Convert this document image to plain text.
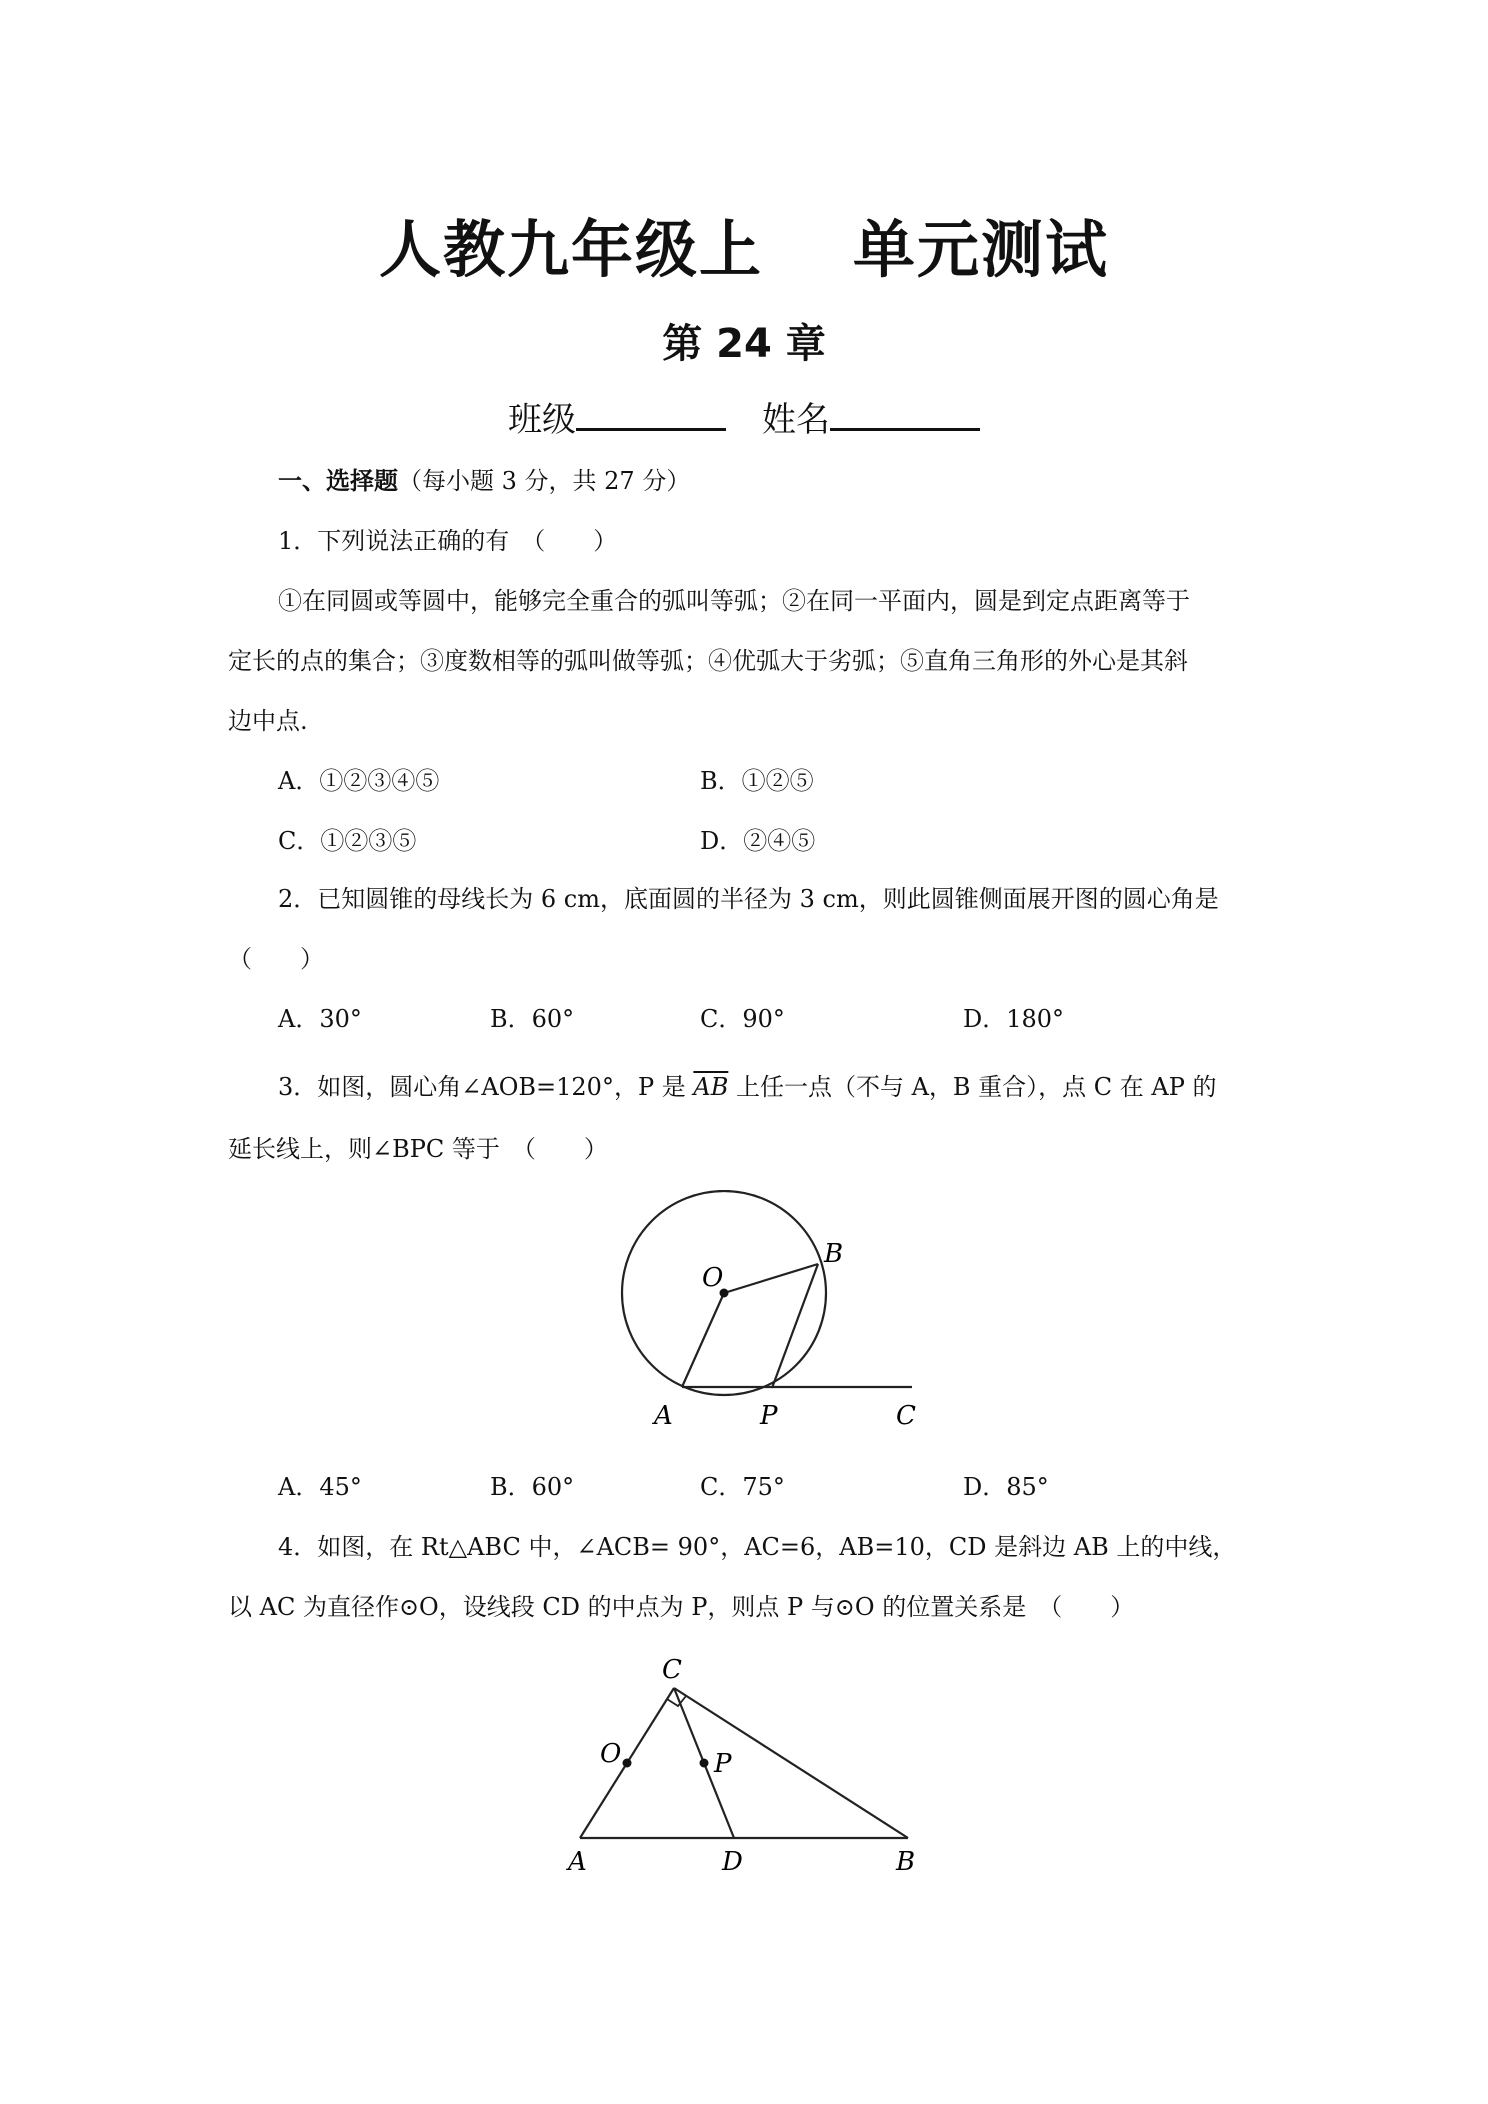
人教九年级上 单元测试
第 24 章
班级	姓名
一、选择题（每小题 3 分，共 27 分）
1．下列说法正确的有　（　　）
①在同圆或等圆中，能够完全重合的弧叫等弧；②在同一平面内，圆是到定点距离等于
定长的点的集合；③度数相等的弧叫做等弧；④优弧大于劣弧；⑤直角三角形的外心是其斜
边中点.
A．①②③④⑤	B．①②⑤
C．①②③⑤	D．②④⑤
2．已知圆锥的母线长为 6 cm，底面圆的半径为 3 cm，则此圆锥侧面展开图的圆心角是
（　　）
A．30°	B．60°	C．90°	D．180°
3．如图，圆心角∠AOB=120°，P 是 $\overline{AB}$ 上任一点（不与 A，B 重合），点 C 在 AP 的
延长线上，则∠BPC 等于　（　　）
O
B
A	P	C
A．45°	B．60°	C．75°	D．85°
4．如图，在 Rt△ABC 中，∠ACB= 90°，AC=6，AB=10，CD 是斜边 AB 上的中线，
以 AC 为直径作⊙O，设线段 CD 的中点为 P，则点 P 与⊙O 的位置关系是　（　　）
C
O	P
A	D	B
